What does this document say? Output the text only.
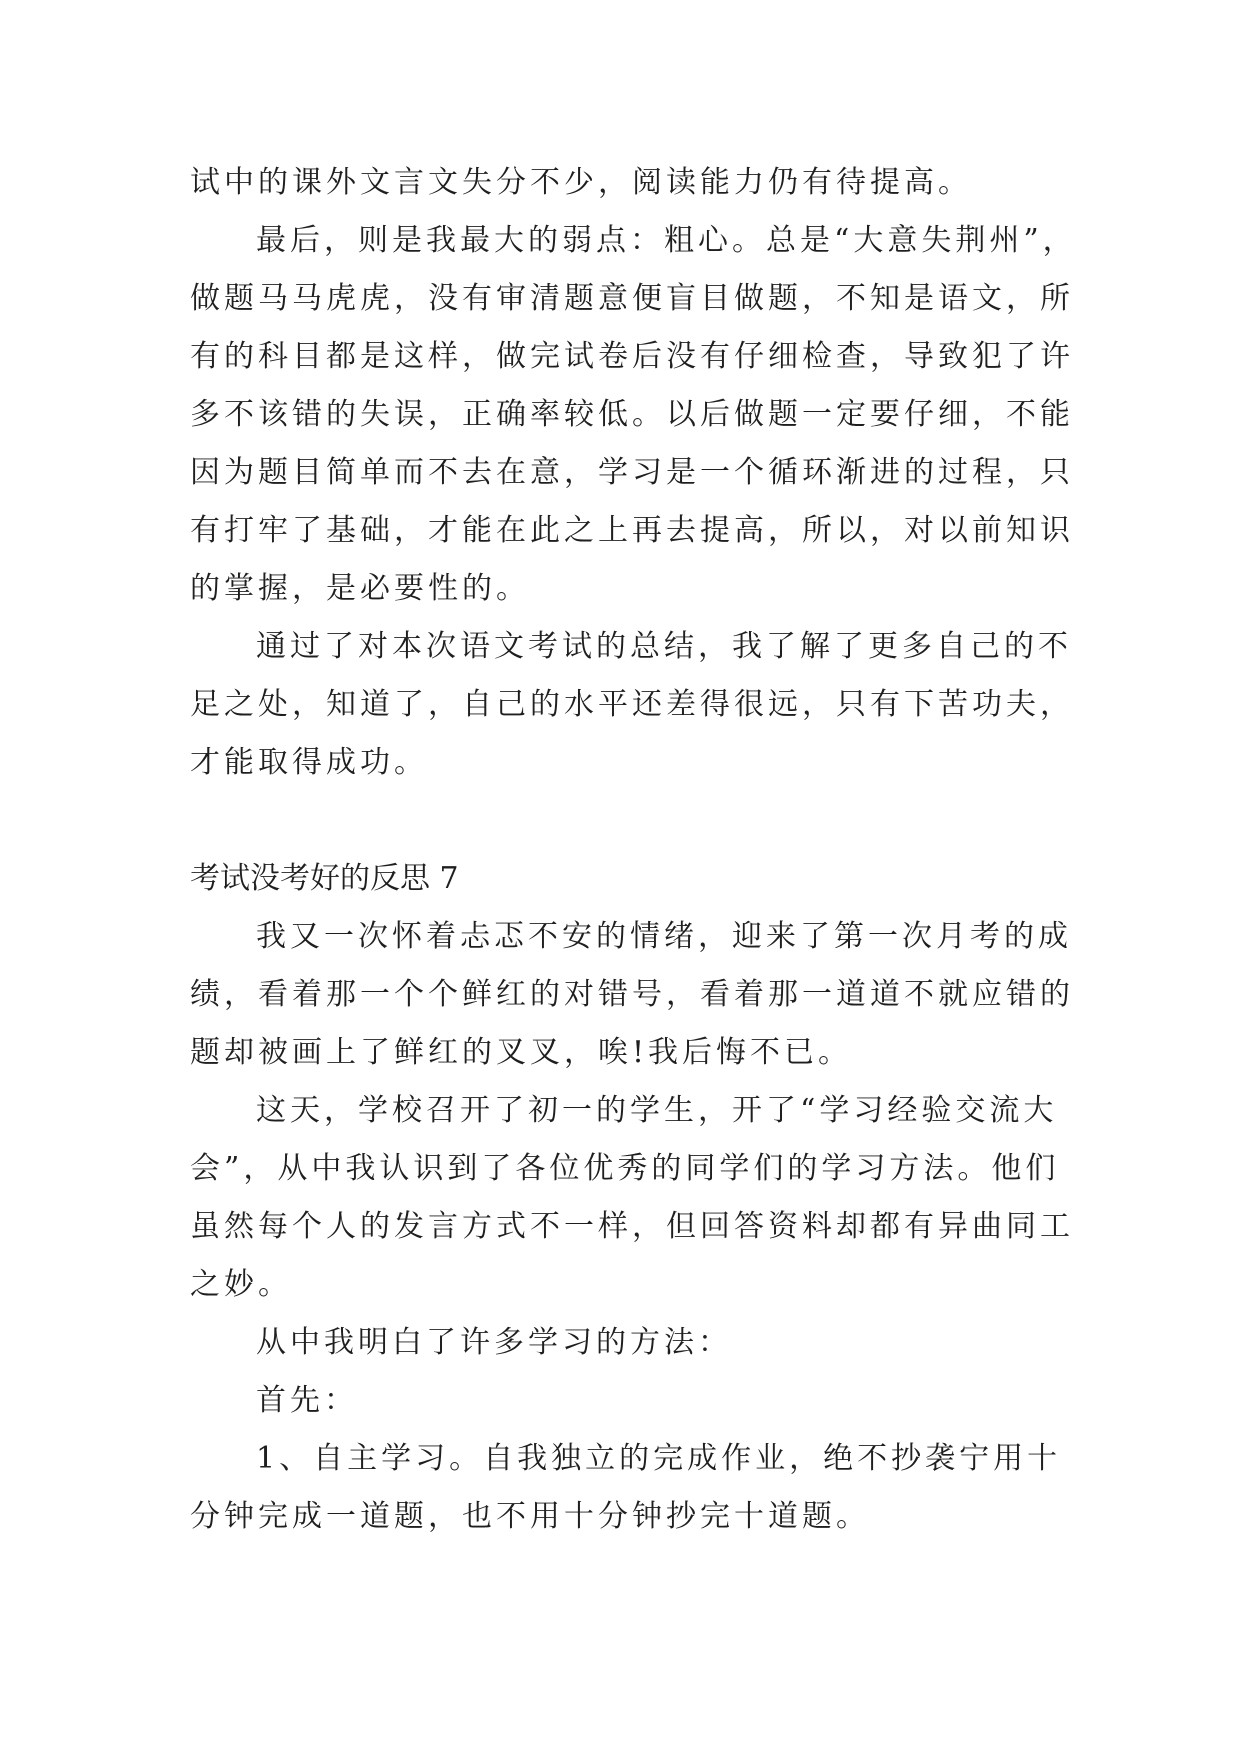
试中的课外文言文失分不少，阅读能力仍有待提高。
最后，则是我最大的弱点：粗心。总是“大意失荆州”，
做题马马虎虎，没有审清题意便盲目做题，不知是语文，所
有的科目都是这样，做完试卷后没有仔细检查，导致犯了许
多不该错的失误，正确率较低。以后做题一定要仔细，不能
因为题目简单而不去在意，学习是一个循环渐进的过程，只
有打牢了基础，才能在此之上再去提高，所以，对以前知识
的掌握，是必要性的。
通过了对本次语文考试的总结，我了解了更多自己的不
足之处，知道了，自己的水平还差得很远，只有下苦功夫，
才能取得成功。
考试没考好的反思 7
我又一次怀着忐忑不安的情绪，迎来了第一次月考的成
绩，看着那一个个鲜红的对错号，看着那一道道不就应错的
题却被画上了鲜红的叉叉，唉!我后悔不已。
这天，学校召开了初一的学生，开了“学习经验交流大
会”，从中我认识到了各位优秀的同学们的学习方法。他们
虽然每个人的发言方式不一样，但回答资料却都有异曲同工
之妙。
从中我明白了许多学习的方法：
首先：
1、自主学习。自我独立的完成作业，绝不抄袭宁用十
分钟完成一道题，也不用十分钟抄完十道题。
